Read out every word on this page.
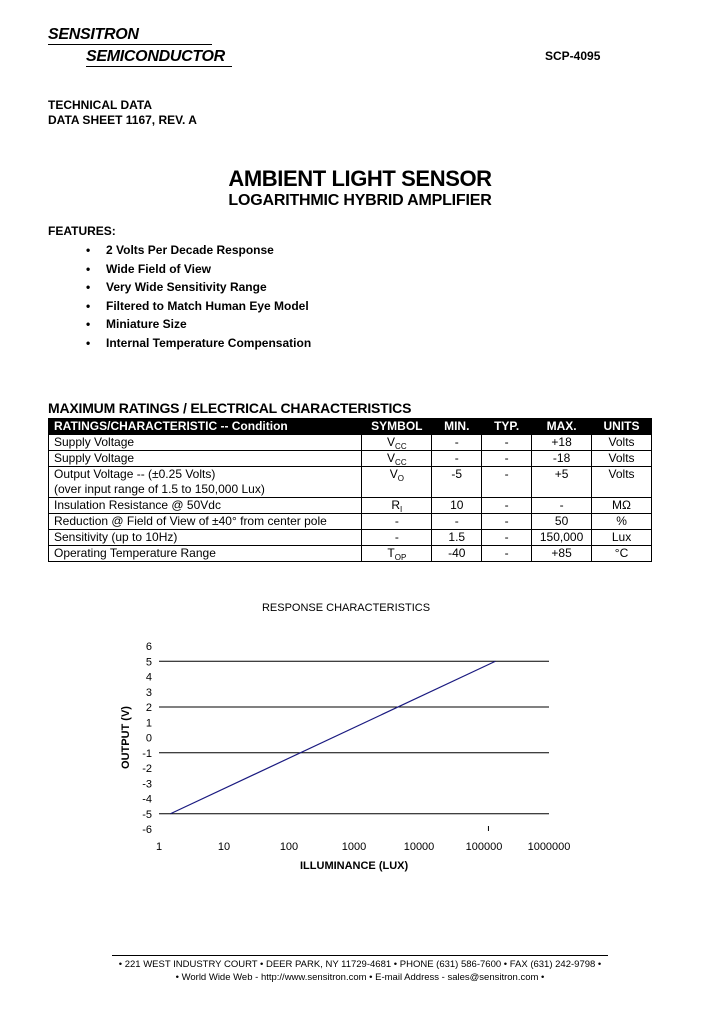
SENSITRON
SEMICONDUCTOR	SCP-4095
TECHNICAL DATA
DATA SHEET 1167, REV. A
AMBIENT LIGHT SENSOR
LOGARITHMIC HYBRID AMPLIFIER
FEATURES:
• 2 Volts Per Decade Response
• Wide Field of View
• Very Wide Sensitivity Range
• Filtered to Match Human Eye Model
• Miniature Size
• Internal Temperature Compensation
MAXIMUM RATINGS / ELECTRICAL CHARACTERISTICS
RATINGS/CHARACTERISTIC -- Condition	SYMBOL	MIN.	TYP.	MAX.	UNITS
Supply Voltage	$V_{CC}$	-	-	+18	Volts
Supply Voltage	$V_{CC}$	-	-	-18	Volts

Output Voltage -- (±0.25 Volts)
(over input range of 1.5 to 150,000 Lux)	$V_O$	-5	-	+5	Volts
Insulation Resistance @ 50Vdc	$R_I$	10	-	-	MΩ
Reduction @ Field of View of ±40° from center pole	-	-	-	50	%
Sensitivity (up to 10Hz)	-	1.5	-	150,000	Lux
Operating Temperature Range	$T_{OP}$	-40	-	+85	°C
RESPONSE CHARACTERISTICS
6
5
4
3
2
1
0
-1
-2
-3
-4
-5
-6
1	10	100	1000	10000	100000 1000000
OUTPUT (V)
ILLUMINANCE (LUX)
• 221 WEST INDUSTRY COURT • DEER PARK, NY 11729-4681 • PHONE (631) 586-7600 • FAX (631) 242-9798 •
• World Wide Web - http://www.sensitron.com • E-mail Address - sales@sensitron.com •
